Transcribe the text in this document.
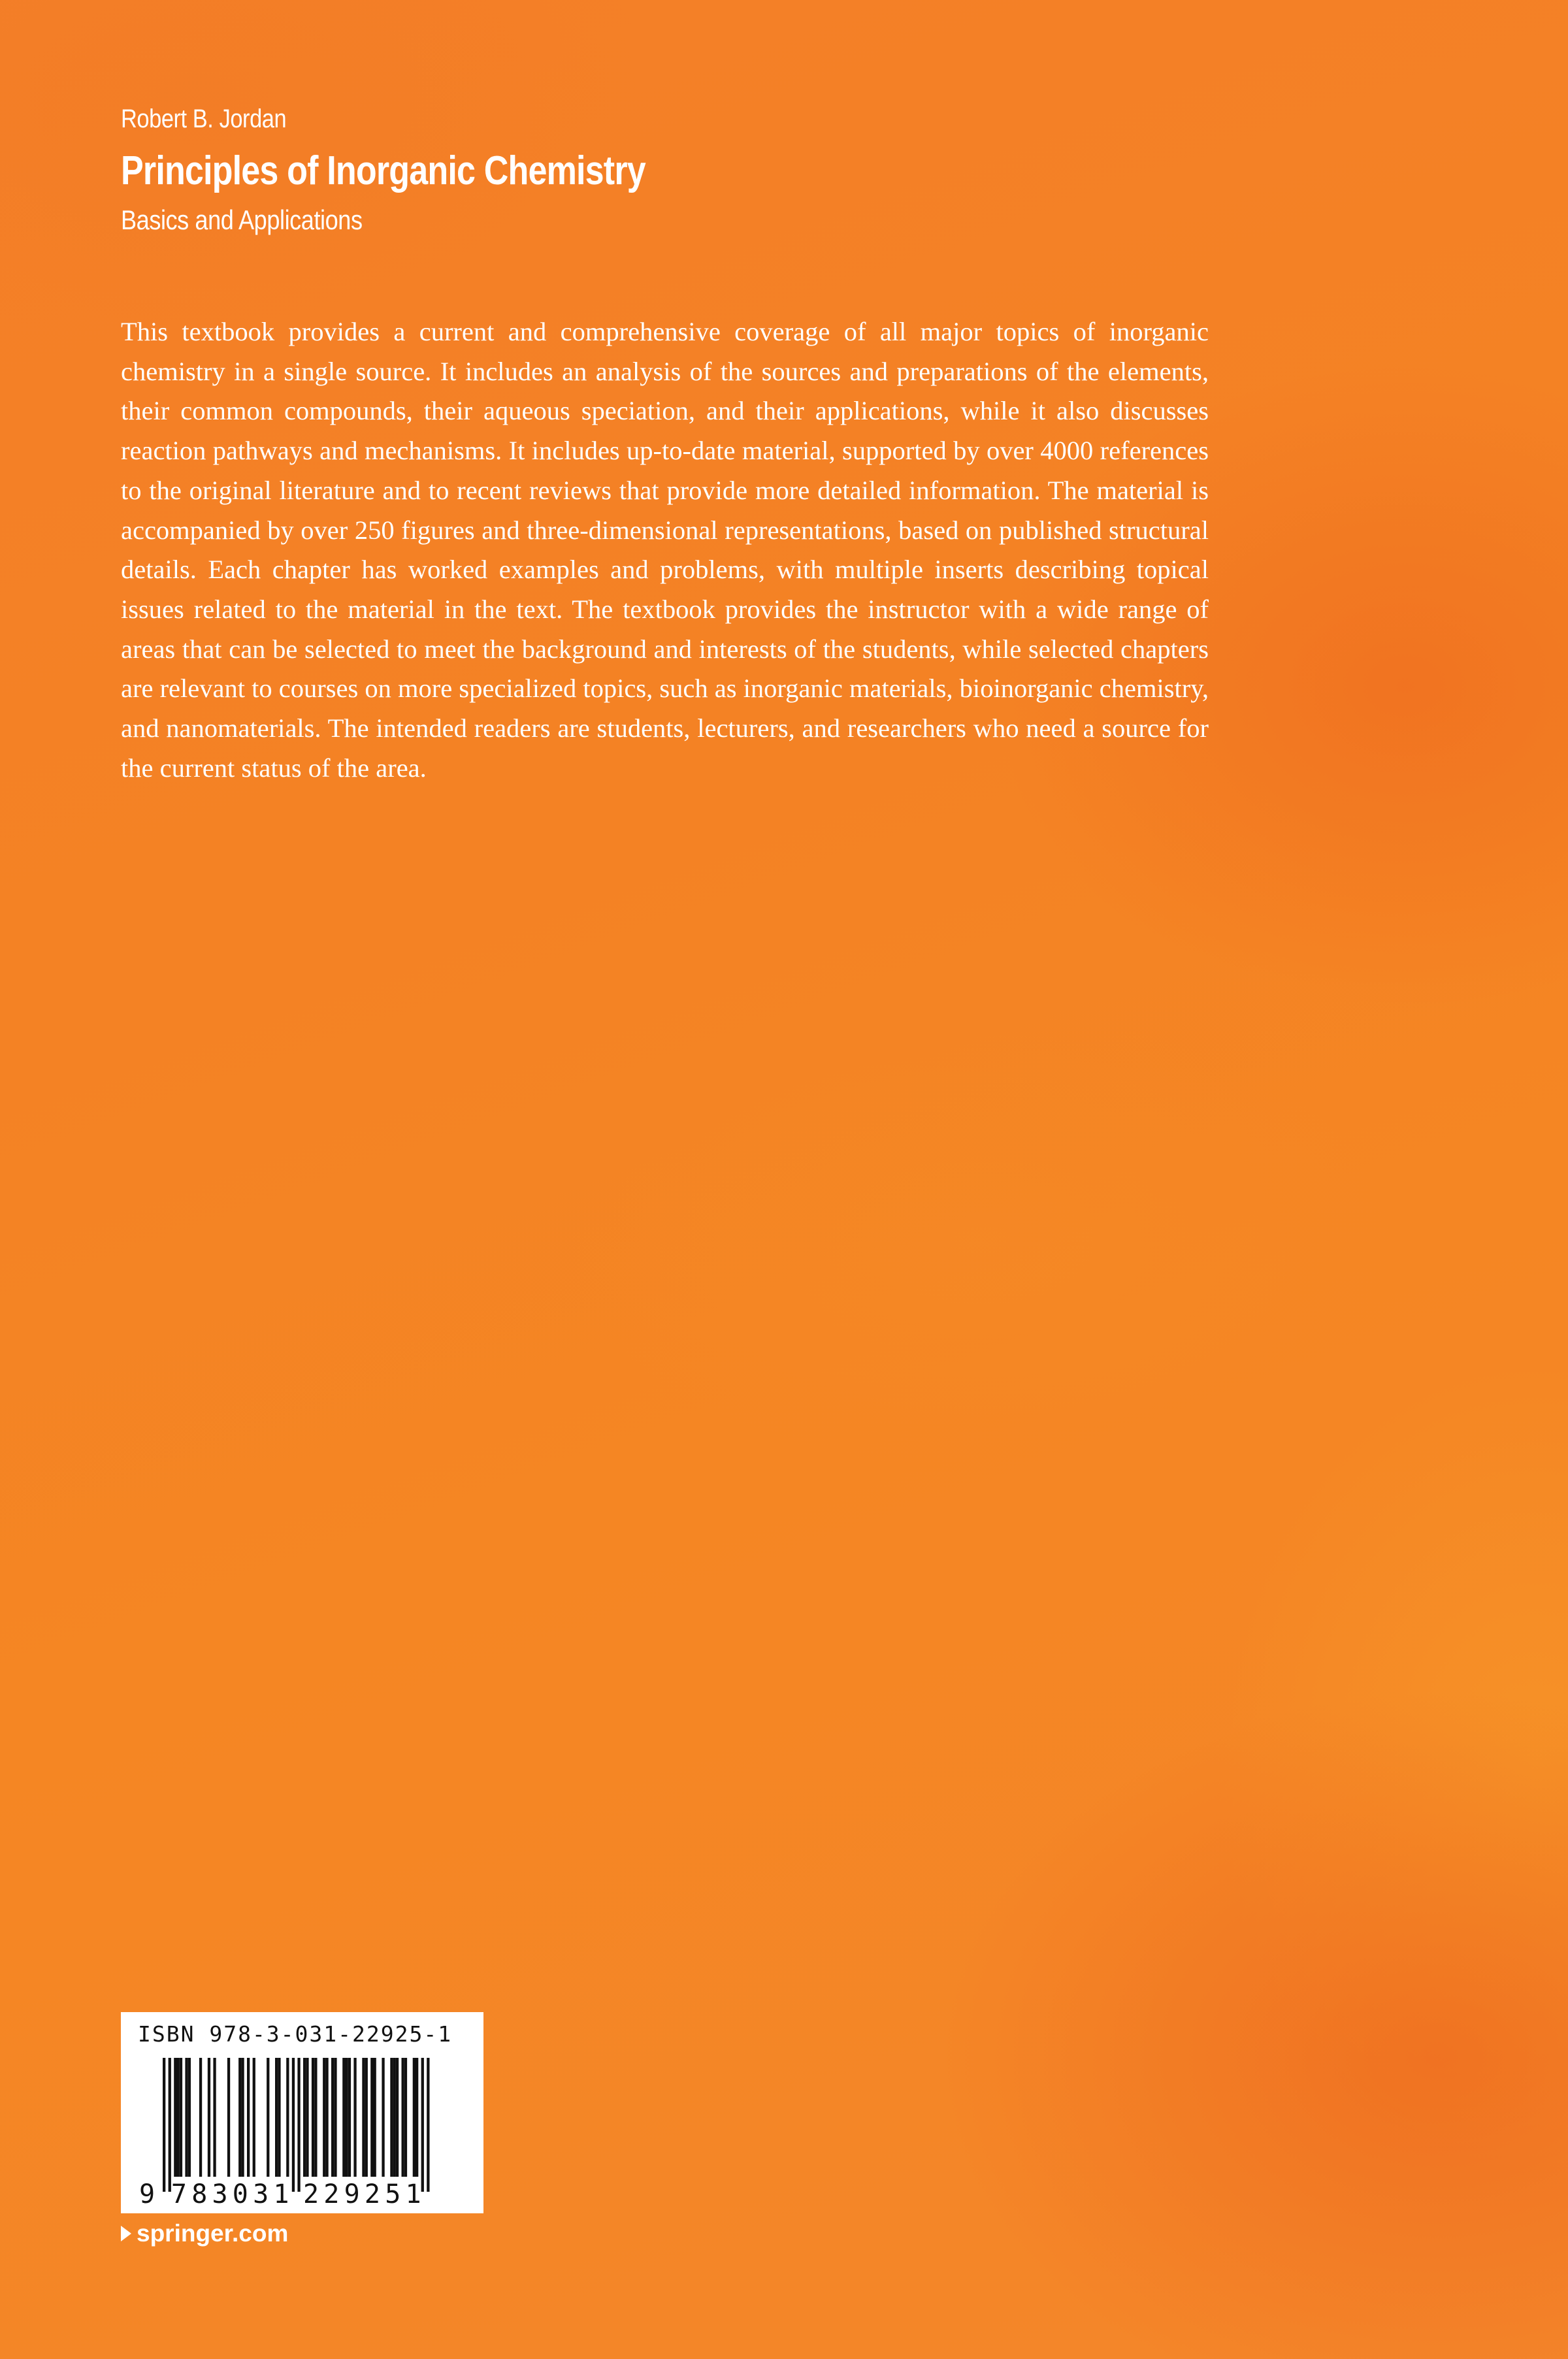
Robert B. Jordan

Principles of Inorganic Chemistry

Basics and Applications

This textbook provides a current and comprehensive coverage of all major topics of inorganic chemistry in a single source. It includes an analysis of the sources and preparations of the elements, their common compounds, their aqueous speciation, and their applications, while it also discusses reaction pathways and mechanisms. It includes up-to-date material, supported by over 4000 references to the original literature and to recent reviews that provide more detailed information. The material is accompanied by over 250 figures and three-dimensional representations, based on published structural details. Each chapter has worked examples and problems, with multiple inserts describing topical issues related to the material in the text. The textbook provides the instructor with a wide range of areas that can be selected to meet the background and interests of the students, while selected chapters are relevant to courses on more specialized topics, such as inorganic materials, bioinorganic chemistry, and nanomaterials. The intended readers are students, lecturers, and researchers who need a source for the current status of the area.

ISBN 978-3-031-22925-1

9 783031 229251
springer.com
